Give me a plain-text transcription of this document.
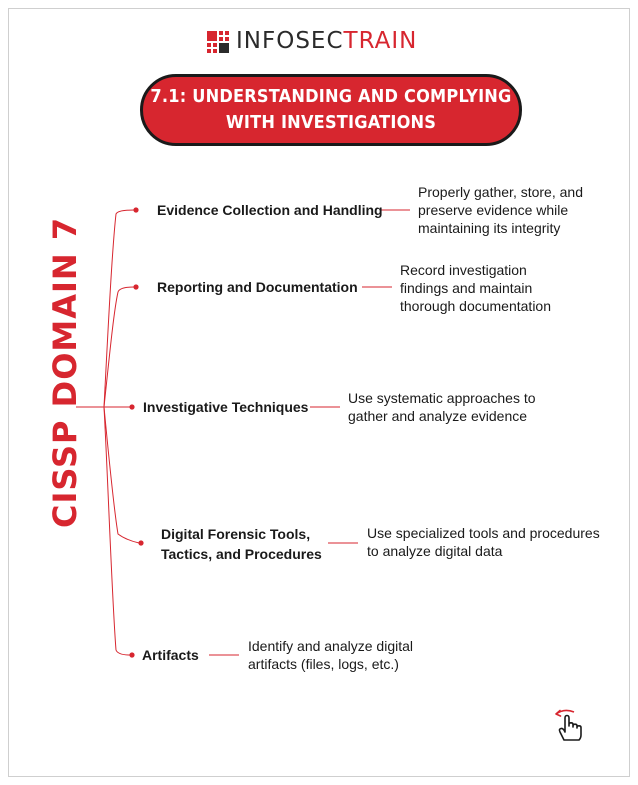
INFOSECTRAIN
7.1: UNDERSTANDING AND COMPLYING
WITH INVESTIGATIONS
CISSP DOMAIN 7
Evidence Collection and Handling
Properly gather, store, and
preserve evidence while
maintaining its integrity
Reporting and Documentation
Record investigation
findings and maintain
thorough documentation
Investigative Techniques
Use systematic approaches to
gather and analyze evidence
Digital Forensic Tools,
Tactics, and Procedures
Use specialized tools and procedures
to analyze digital data
Artifacts
Identify and analyze digital
artifacts (files, logs, etc.)
